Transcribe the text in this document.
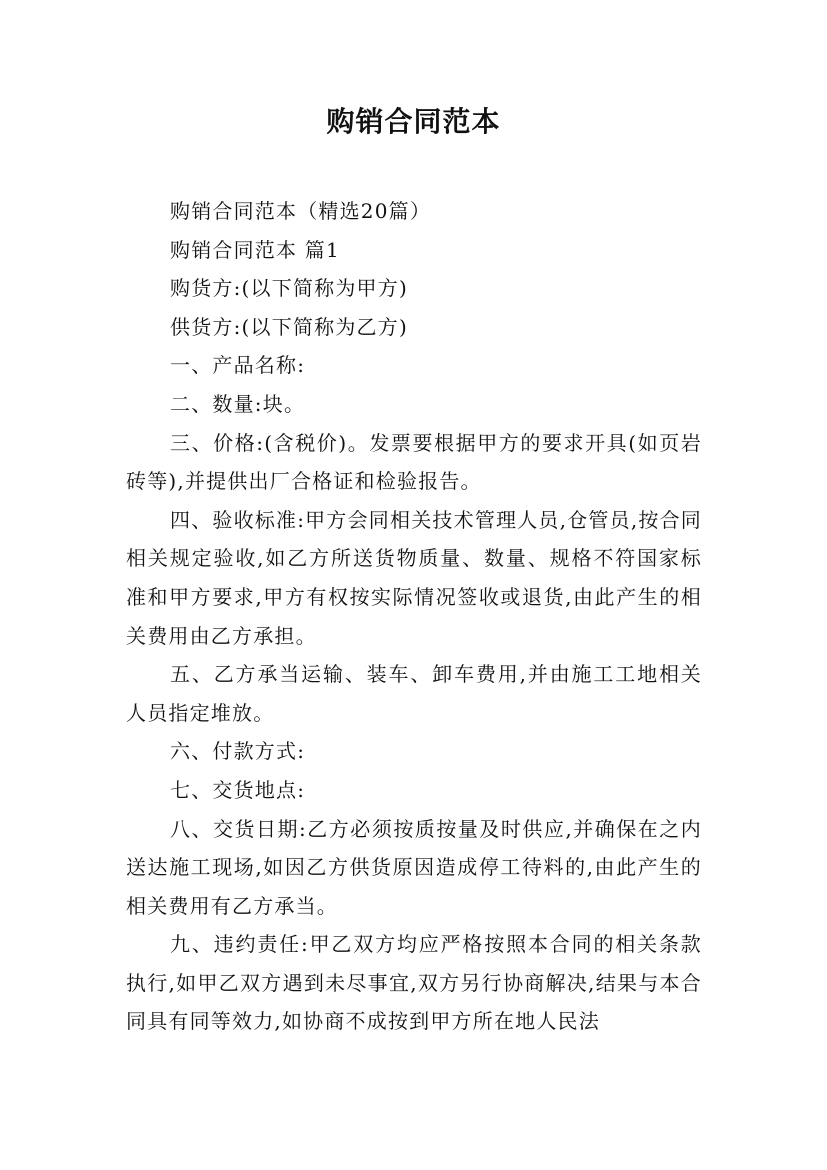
购销合同范本

购销合同范本（精选20篇）

购销合同范本 篇1

购货方:(以下简称为甲方)

供货方:(以下简称为乙方)

一、产品名称:

二、数量:块。

三、价格:(含税价)。发票要根据甲方的要求开具(如页岩砖等),并提供出厂合格证和检验报告。

四、验收标准:甲方会同相关技术管理人员,仓管员,按合同相关规定验收,如乙方所送货物质量、数量、规格不符国家标准和甲方要求,甲方有权按实际情况签收或退货,由此产生的相关费用由乙方承担。

五、乙方承当运输、装车、卸车费用,并由施工工地相关人员指定堆放。

六、付款方式:

七、交货地点:

八、交货日期:乙方必须按质按量及时供应,并确保在之内送达施工现场,如因乙方供货原因造成停工待料的,由此产生的相关费用有乙方承当。

九、违约责任:甲乙双方均应严格按照本合同的相关条款执行,如甲乙双方遇到未尽事宜,双方另行协商解决,结果与本合同具有同等效力,如协商不成按到甲方所在地人民法
